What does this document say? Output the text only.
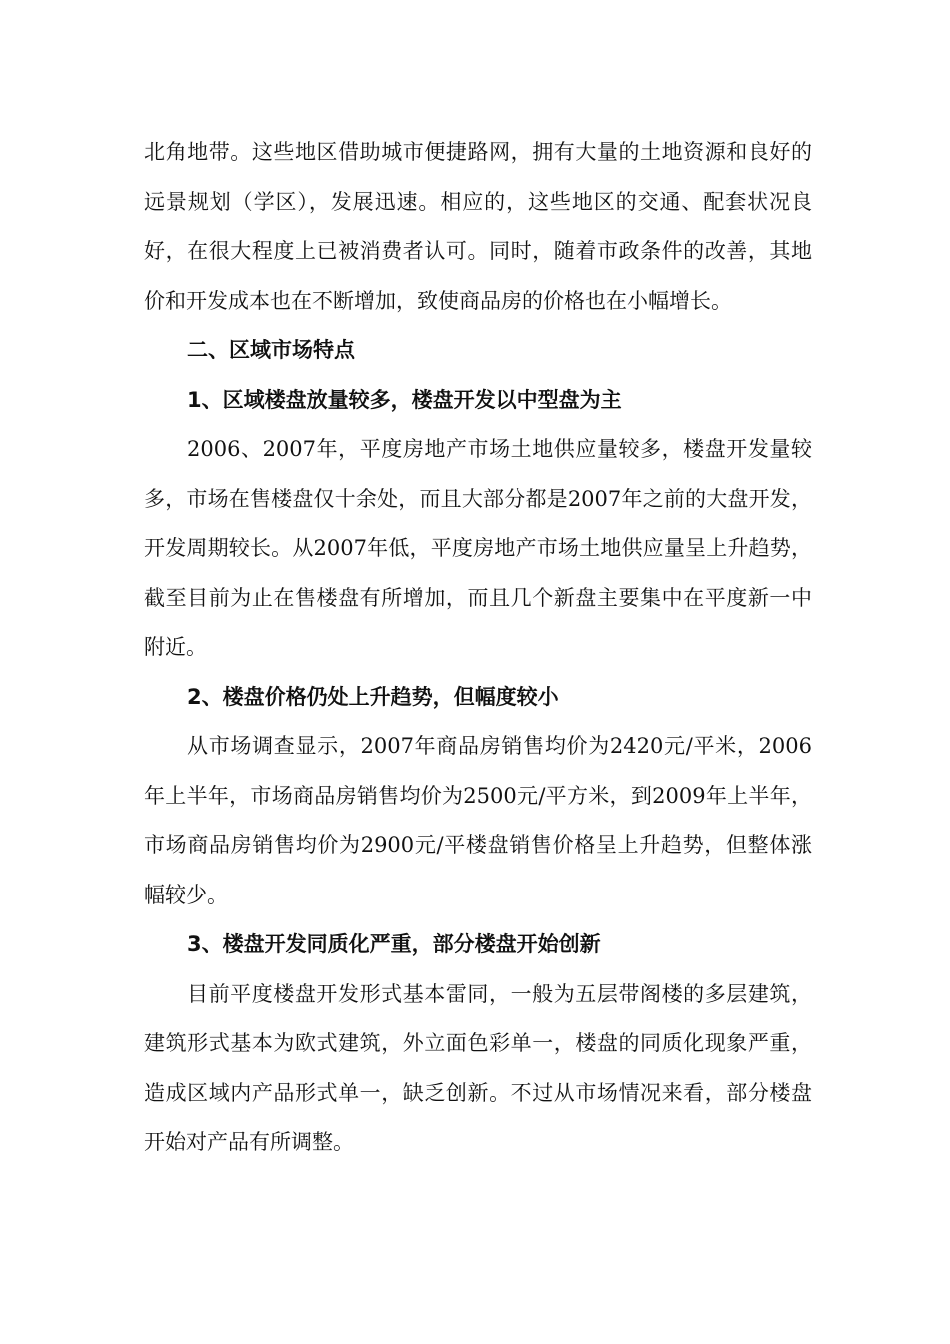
北角地带。这些地区借助城市便捷路网，拥有大量的土地资源和良好的远景规划（学区），发展迅速。相应的，这些地区的交通、配套状况良好，在很大程度上已被消费者认可。同时，随着市政条件的改善，其地价和开发成本也在不断增加，致使商品房的价格也在小幅增长。

二、区域市场特点

1、区域楼盘放量较多，楼盘开发以中型盘为主

2006、2007年，平度房地产市场土地供应量较多，楼盘开发量较多，市场在售楼盘仅十余处，而且大部分都是2007年之前的大盘开发，开发周期较长。从2007年低，平度房地产市场土地供应量呈上升趋势，截至目前为止在售楼盘有所增加，而且几个新盘主要集中在平度新一中附近。

2、楼盘价格仍处上升趋势，但幅度较小

从市场调查显示，2007年商品房销售均价为2420元/平米，2006年上半年，市场商品房销售均价为2500元/平方米，到2009年上半年，市场商品房销售均价为2900元/平楼盘销售价格呈上升趋势，但整体涨幅较少。

3、楼盘开发同质化严重，部分楼盘开始创新

目前平度楼盘开发形式基本雷同，一般为五层带阁楼的多层建筑，建筑形式基本为欧式建筑，外立面色彩单一，楼盘的同质化现象严重，造成区域内产品形式单一，缺乏创新。不过从市场情况来看，部分楼盘开始对产品有所调整。
